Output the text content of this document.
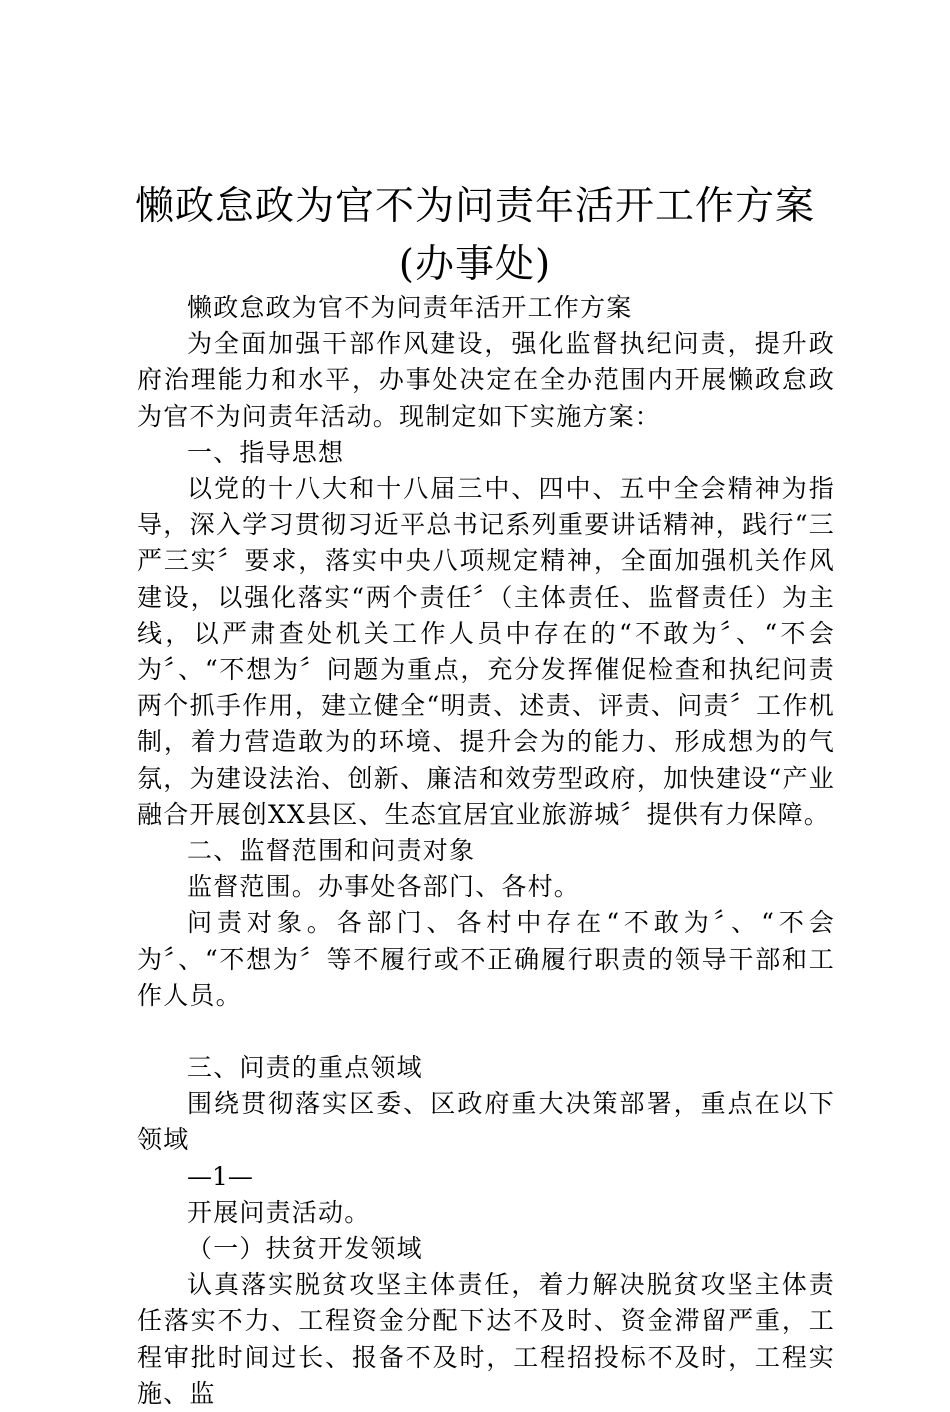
懒政怠政为官不为问责年活开工作方案(办事处)

懒政怠政为官不为问责年活开工作方案

为全面加强干部作风建设，强化监督执纪问责，提升政府治理能力和水平，办事处决定在全办范围内开展懒政怠政为官不为问责年活动。现制定如下实施方案：

一、指导思想

以党的十八大和十八届三中、四中、五中全会精神为指导，深入学习贯彻习近平总书记系列重要讲话精神，践行“三严三实〞要求，落实中央八项规定精神，全面加强机关作风建设，以强化落实“两个责任〞（主体责任、监督责任）为主线，以严肃查处机关工作人员中存在的“不敢为〞、“不会为〞、“不想为〞问题为重点，充分发挥催促检查和执纪问责两个抓手作用，建立健全“明责、述责、评责、问责〞工作机制，着力营造敢为的环境、提升会为的能力、形成想为的气氛，为建设法治、创新、廉洁和效劳型政府，加快建设“产业融合开展创XX县区、生态宜居宜业旅游城〞提供有力保障。

二、监督范围和问责对象

监督范围。办事处各部门、各村。

问责对象。各部门、各村中存在“不敢为〞、“不会为〞、“不想为〞等不履行或不正确履行职责的领导干部和工作人员。

三、问责的重点领域

围绕贯彻落实区委、区政府重大决策部署，重点在以下领域

—1—

开展问责活动。

（一）扶贫开发领域

认真落实脱贫攻坚主体责任，着力解决脱贫攻坚主体责任落实不力、工程资金分配下达不及时、资金滞留严重，工程审批时间过长、报备不及时，工程招投标不及时，工程实施、监
